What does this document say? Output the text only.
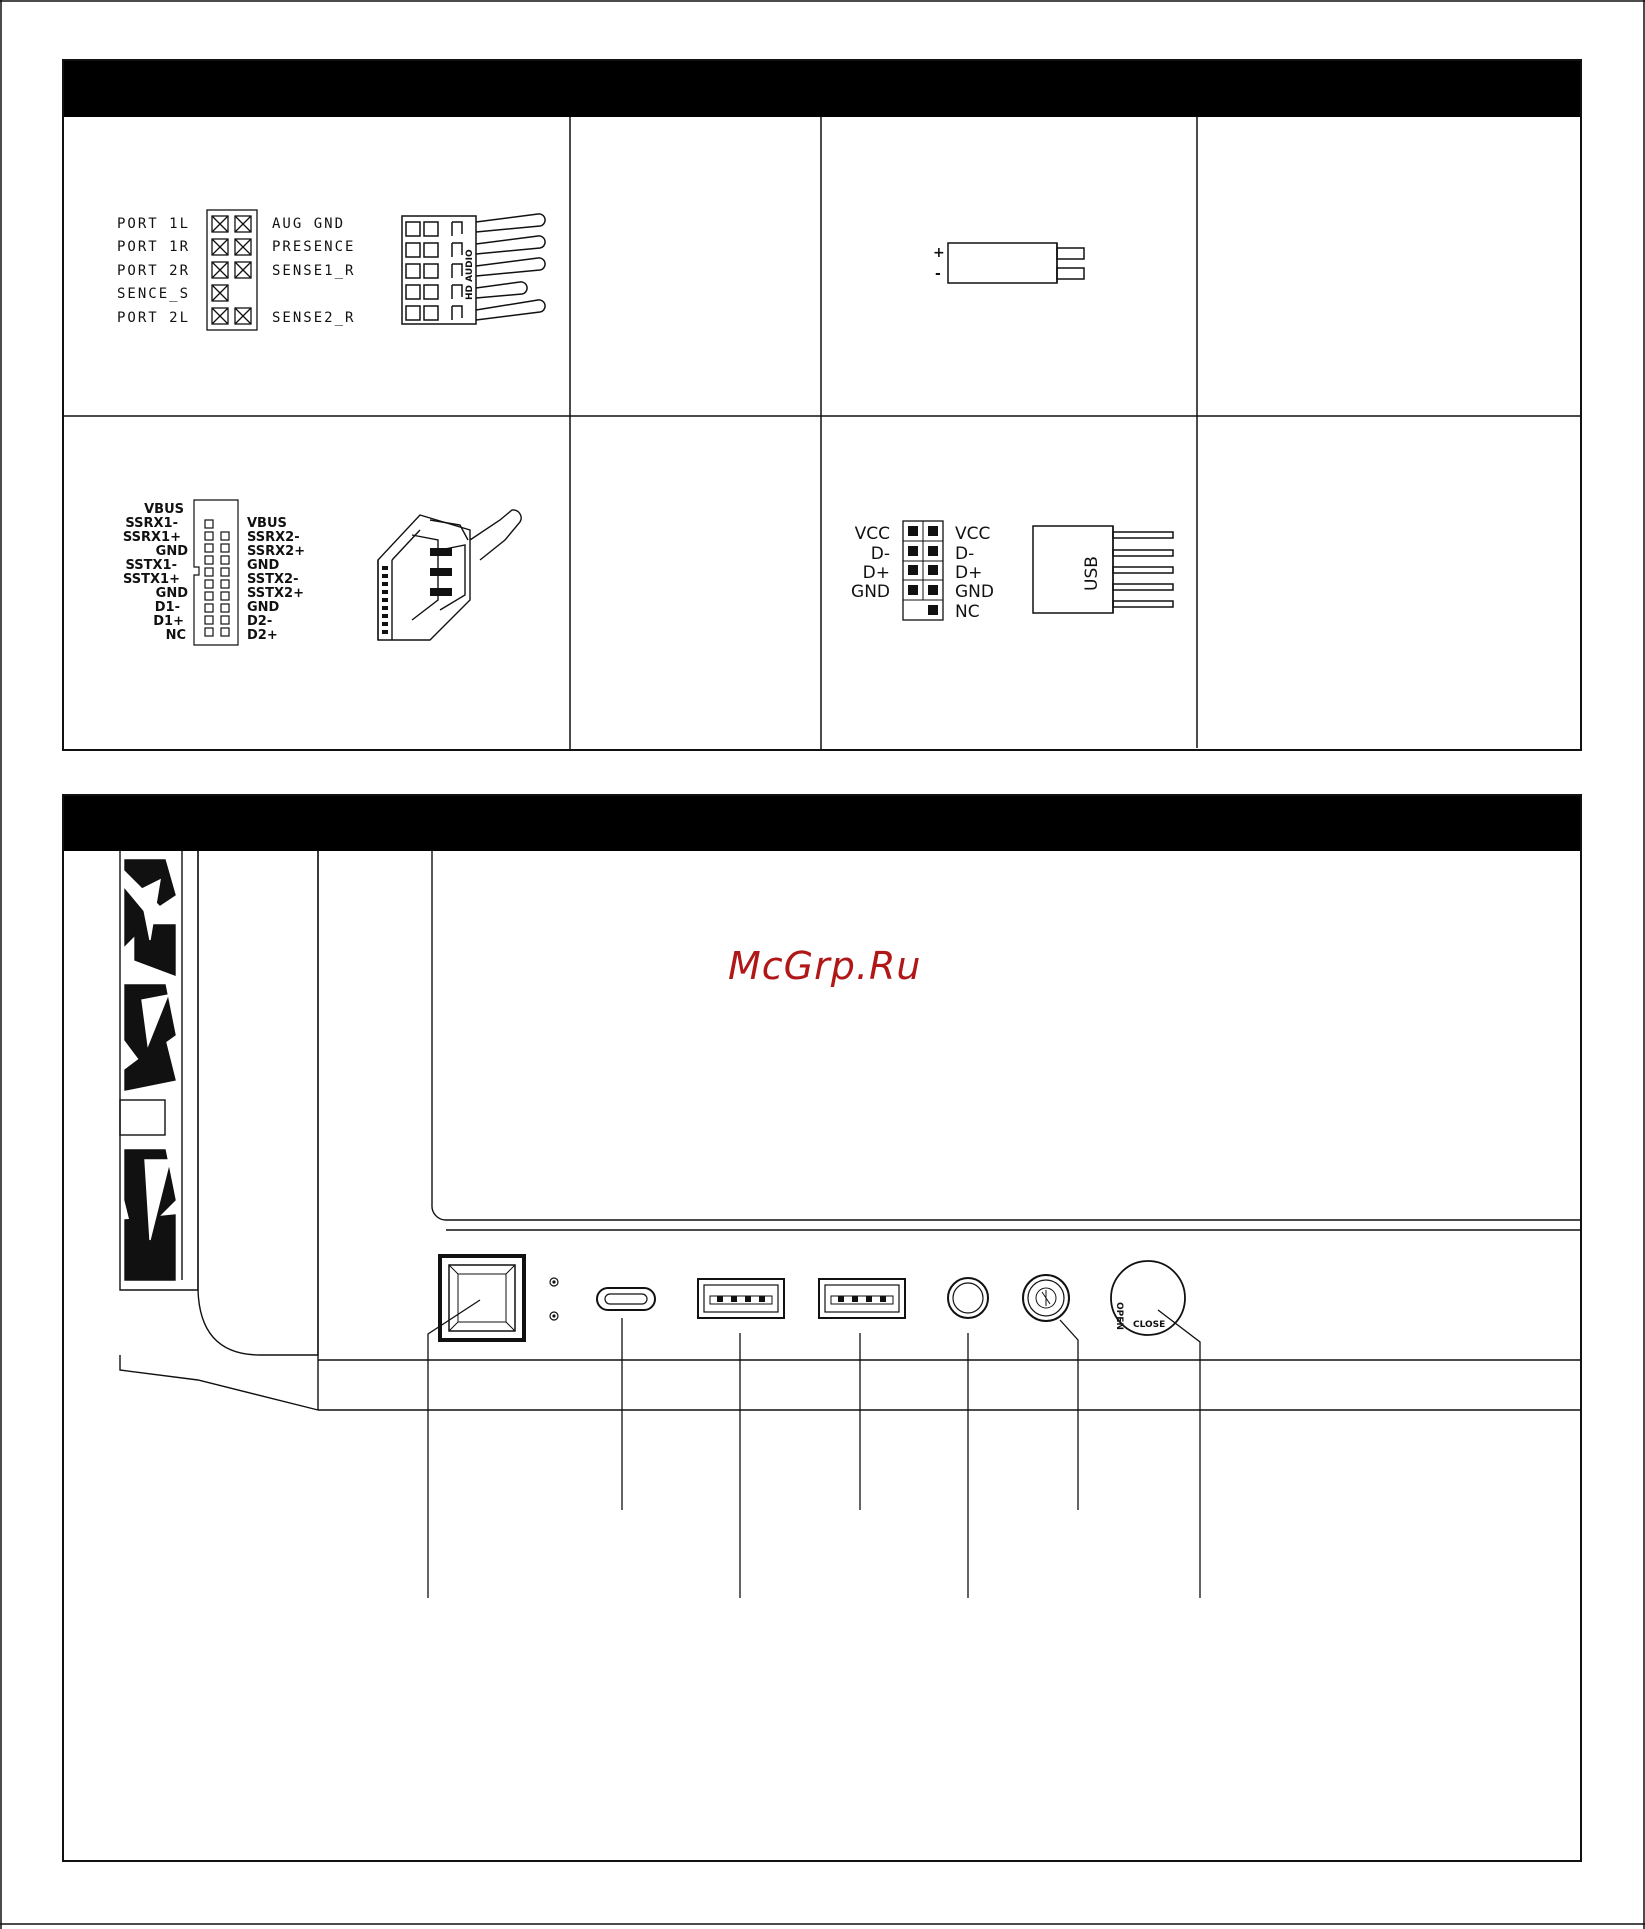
PORT 1L
PORT 1R
PORT 2R
SENCE_S
PORT 2L
AUG GND
PRESENCE
SENSE1_R
SENSE2_R
HD AUDIO	+
-
VBUS
SSRX1-
SSRX1+
GND
SSTX1-
SSTX1+
GND
D1-
D1+
NC
VBUS
SSRX2-
SSRX2+
GND
SSTX2-
SSTX2+
GND
D2-
D2+
VCC
D-
D+
GND
VCC
D-
D+
GND
NC
USB
McGrp.Ru
OPEN CLOSE
